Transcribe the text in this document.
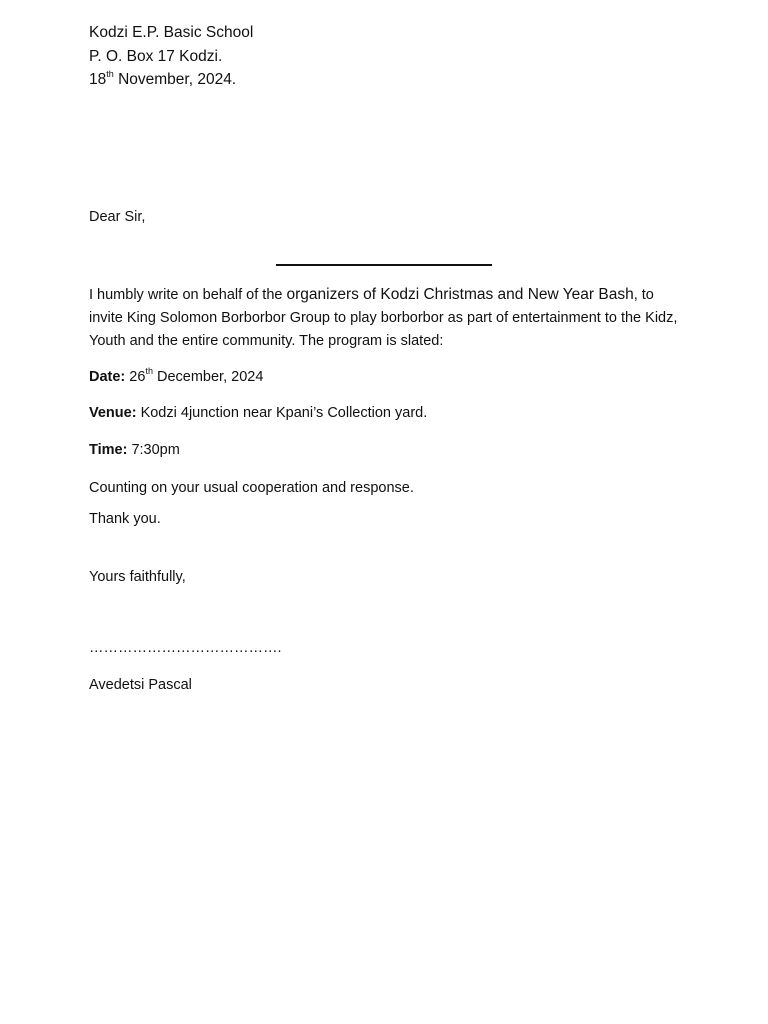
Kodzi E.P. Basic School
P. O. Box 17 Kodzi.
18th November, 2024.
Dear Sir,
I humbly write on behalf of the organizers of Kodzi Christmas and New Year Bash, to invite King Solomon Borborbor Group to play borborbor as part of entertainment to the Kidz, Youth and the entire community. The program is slated:
Date: 26th December, 2024
Venue: Kodzi 4junction near Kpani’s Collection yard.
Time: 7:30pm
Counting on your usual cooperation and response.
Thank you.
Yours faithfully,
………………………………….
Avedetsi Pascal
